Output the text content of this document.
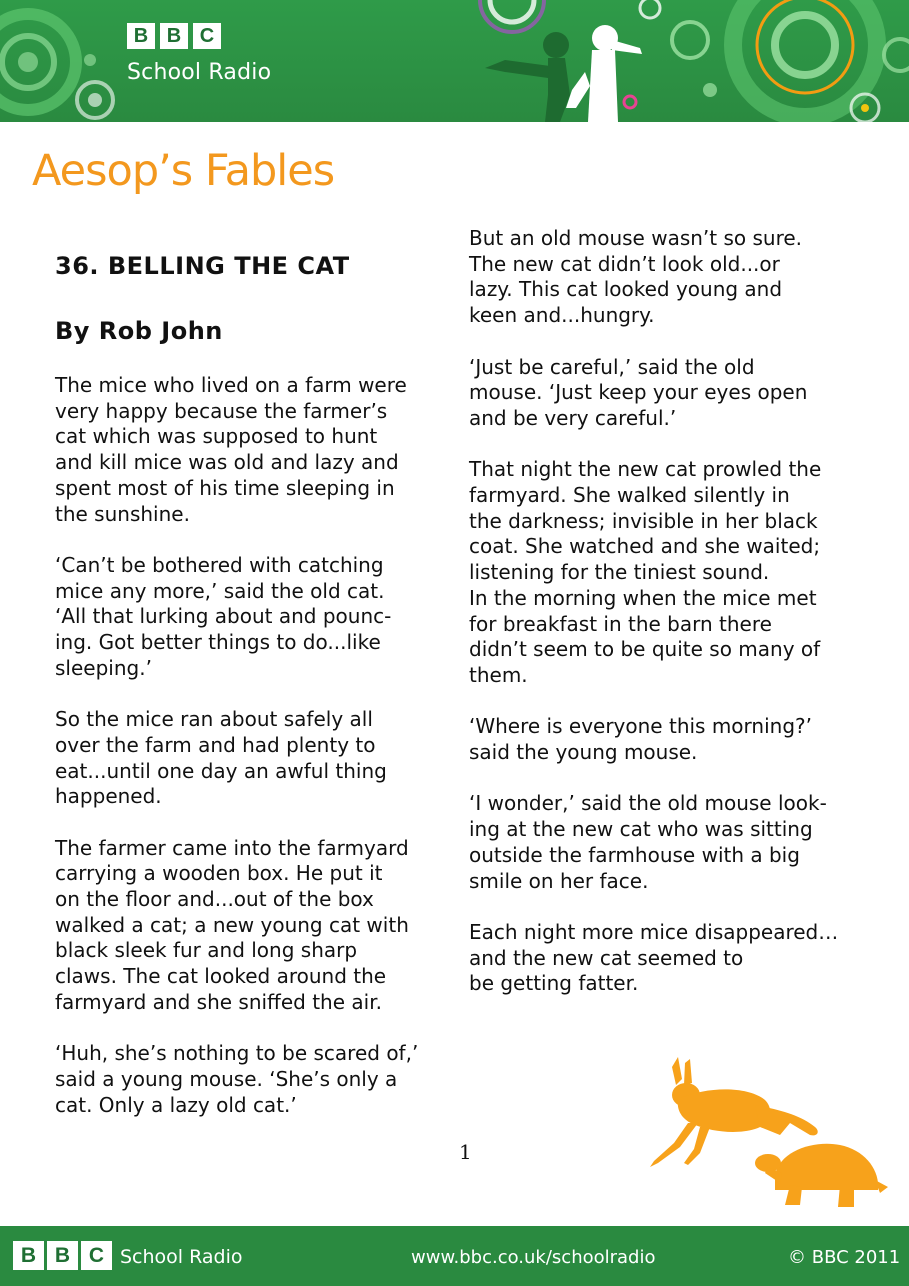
B B C
School Radio
Aesop’s Fables
36. BELLING THE CAT
By Rob John

The mice who lived on a farm were
very happy because the farmer’s
cat which was supposed to hunt
and kill mice was old and lazy and
spent most of his time sleeping in
the sunshine.

‘Can’t be bothered with catching
mice any more,’ said the old cat.
‘All that lurking about and pounc-
ing. Got better things to do...like
sleeping.’

So the mice ran about safely all
over the farm and had plenty to
eat...until one day an awful thing
happened.

The farmer came into the farmyard
carrying a wooden box. He put it
on the floor and...out of the box
walked a cat; a new young cat with
black sleek fur and long sharp
claws. The cat looked around the
farmyard and she sniffed the air.

‘Huh, she’s nothing to be scared of,’
said a young mouse. ‘She’s only a
cat. Only a lazy old cat.’

But an old mouse wasn’t so sure.
The new cat didn’t look old...or
lazy. This cat looked young and
keen and...hungry.

‘Just be careful,’ said the old
mouse. ‘Just keep your eyes open
and be very careful.’

That night the new cat prowled the
farmyard. She walked silently in
the darkness; invisible in her black
coat. She watched and she waited;
listening for the tiniest sound.
In the morning when the mice met
for breakfast in the barn there
didn’t seem to be quite so many of
them.

‘Where is everyone this morning?’
said the young mouse.

‘I wonder,’ said the old mouse look-
ing at the new cat who was sitting
outside the farmhouse with a big
smile on her face.

Each night more mice disappeared…
and the new cat seemed to
be getting fatter.

1
B B C School Radio	www.bbc.co.uk/schoolradio	© BBC 2011
